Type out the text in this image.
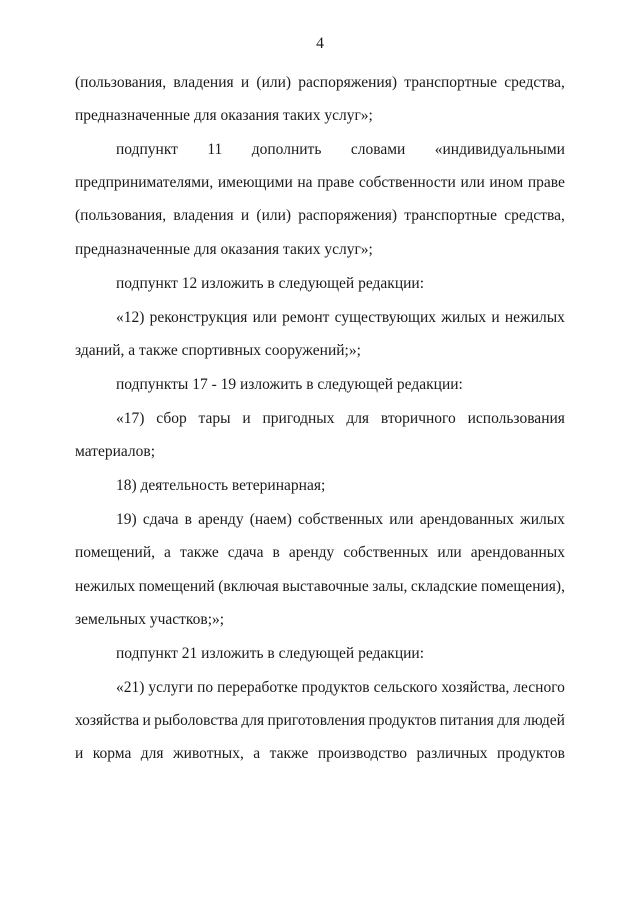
4
(пользования, владения и (или) распоряжения) транспортные средства,
предназначенные для оказания таких услуг»;
подпункт 11 дополнить словами «индивидуальными
предпринимателями, имеющими на праве собственности или ином праве
(пользования, владения и (или) распоряжения) транспортные средства,
предназначенные для оказания таких услуг»;
подпункт 12 изложить в следующей редакции:
«12) реконструкция или ремонт существующих жилых и нежилых
зданий, а также спортивных сооружений;»;
подпункты 17 - 19 изложить в следующей редакции:
«17) сбор тары и пригодных для вторичного использования
материалов;
18) деятельность ветеринарная;
19) сдача в аренду (наем) собственных или арендованных жилых
помещений, а также сдача в аренду собственных или арендованных
нежилых помещений (включая выставочные залы, складские помещения),
земельных участков;»;
подпункт 21 изложить в следующей редакции:
«21) услуги по переработке продуктов сельского хозяйства, лесного
хозяйства и рыболовства для приготовления продуктов питания для людей
и корма для животных, а также производство различных продуктов
